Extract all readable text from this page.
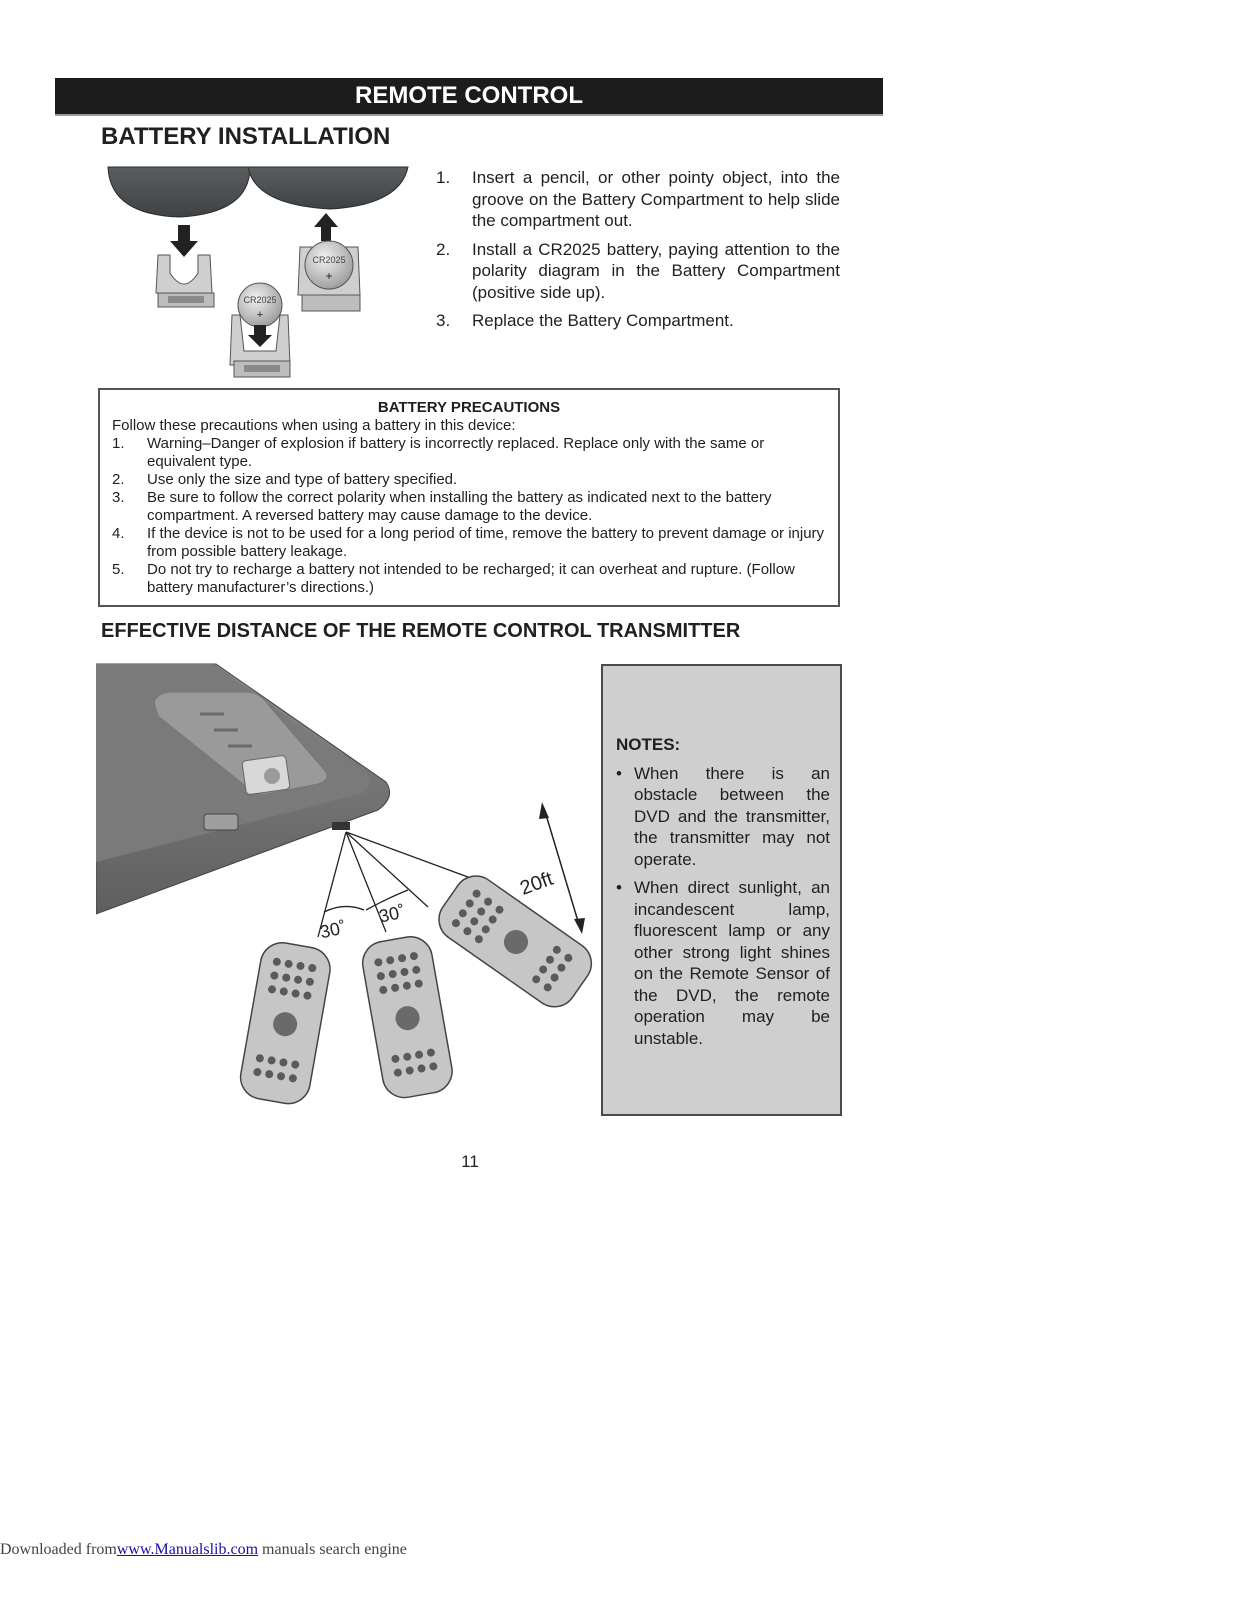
REMOTE CONTROL
BATTERY INSTALLATION
CR2025
+
CR2025
+
1. Insert a pencil, or other pointy object, into the groove on the Battery Compartment to help slide the compartment out.
2. Install a CR2025 battery, paying attention to the polarity diagram in the Battery Compartment (positive side up).
3. Replace the Battery Compartment.
BATTERY PRECAUTIONS
Follow these precautions when using a battery in this device:
1. Warning–Danger of explosion if battery is incorrectly replaced. Replace only with the same or equivalent type.
2. Use only the size and type of battery specified.
3. Be sure to follow the correct polarity when installing the battery as indicated next to the battery compartment. A reversed battery may cause damage to the device.
4. If the device is not to be used for a long period of time, remove the battery to prevent damage or injury from possible battery leakage.
5. Do not try to recharge a battery not intended to be recharged; it can overheat and rupture. (Follow battery manufacturer’s directions.)
EFFECTIVE DISTANCE OF THE REMOTE CONTROL TRANSMITTER
30˚
30˚
20ft
NOTES:
• When there is an obstacle between the DVD and the transmitter, the transmitter may not operate.
• When direct sunlight, an incandescent lamp, fluorescent lamp or any other strong light shines on the Remote Sensor of the DVD, the remote operation may be unstable.
11
Downloaded fromwww.Manualslib.com manuals search engine
